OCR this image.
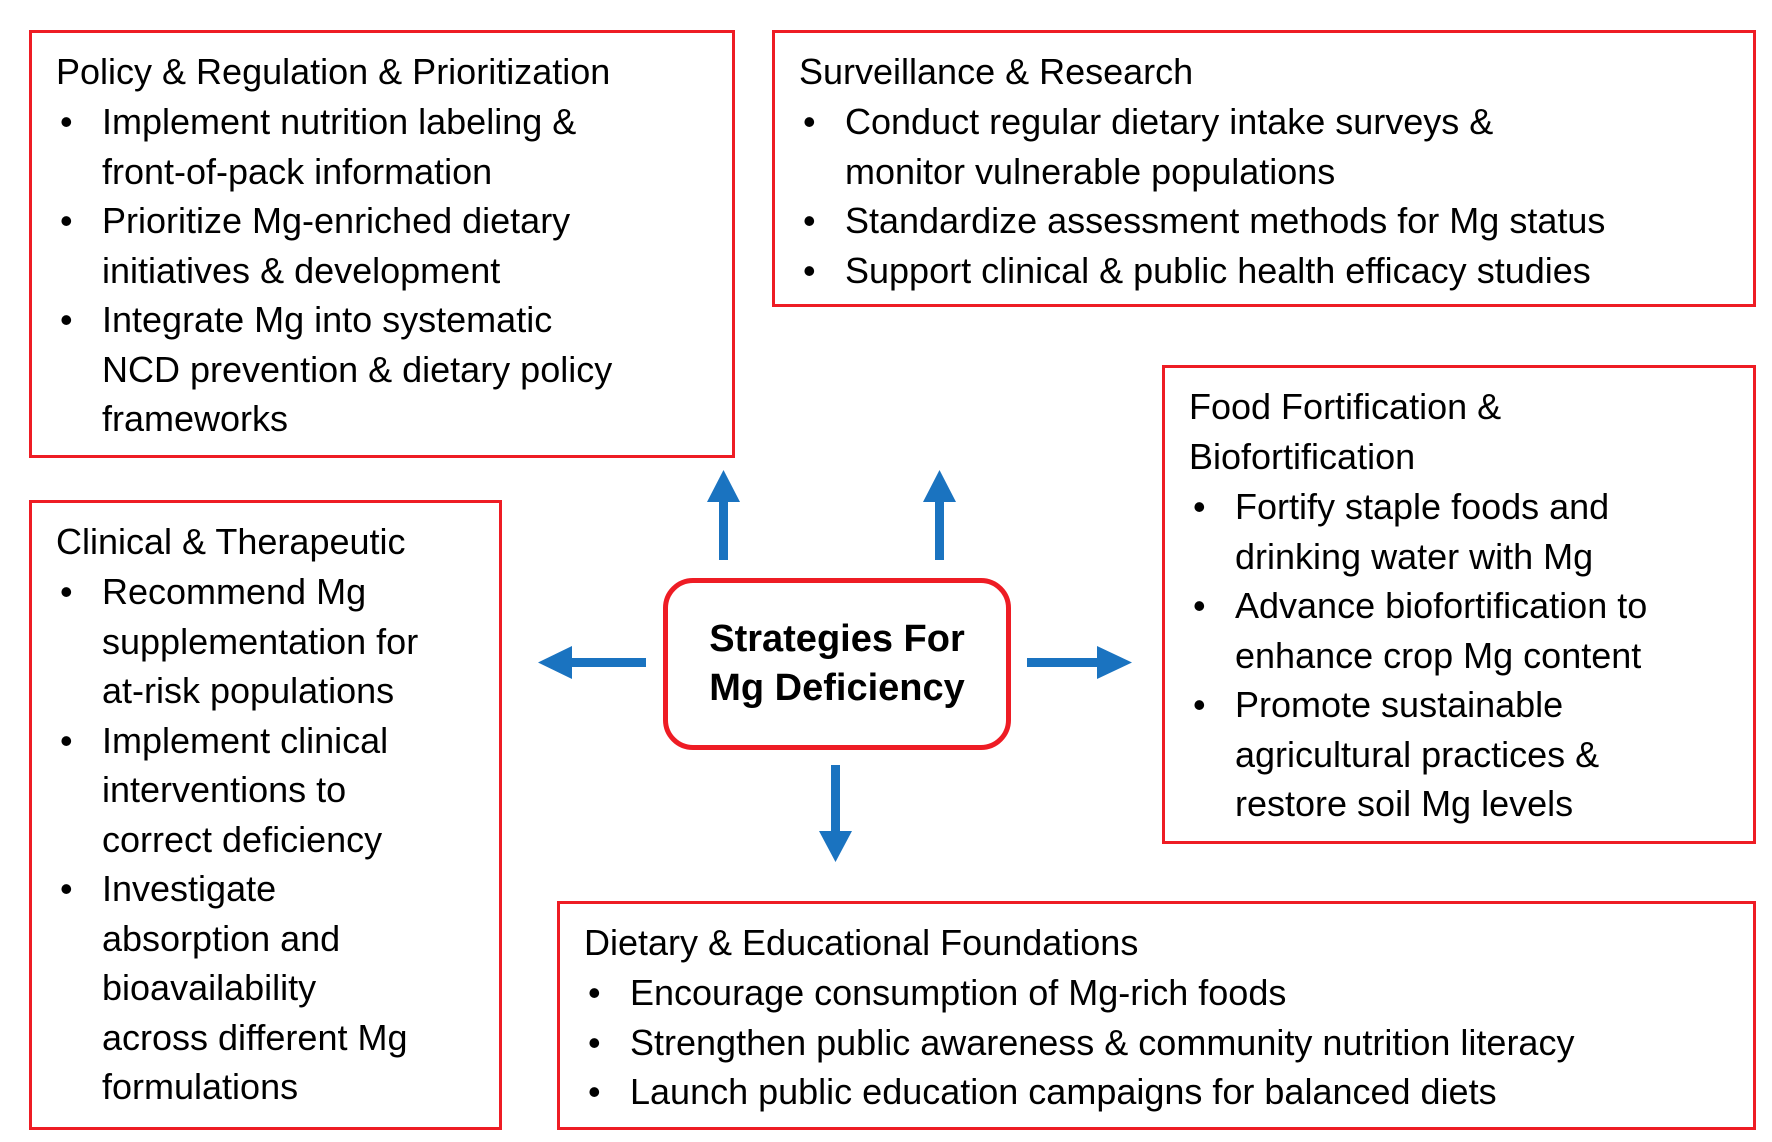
Strategies For
Mg Deficiency
Policy & Regulation & Prioritization
• Implement nutrition labeling &
front-of-pack information
• Prioritize Mg-enriched dietary
initiatives & development
• Integrate Mg into systematic
NCD prevention & dietary policy
frameworks
Surveillance & Research
• Conduct regular dietary intake surveys &
monitor vulnerable populations
• Standardize assessment methods for Mg status
• Support clinical & public health efficacy studies
Food Fortification &
Biofortification
• Fortify staple foods and
drinking water with Mg
• Advance biofortification to
enhance crop Mg content
• Promote sustainable
agricultural practices &
restore soil Mg levels
Clinical & Therapeutic
• Recommend Mg
supplementation for
at-risk populations
• Implement clinical
interventions to
correct deficiency
• Investigate
absorption and
bioavailability
across different Mg
formulations
Dietary & Educational Foundations
• Encourage consumption of Mg-rich foods
• Strengthen public awareness & community nutrition literacy
• Launch public education campaigns for balanced diets
